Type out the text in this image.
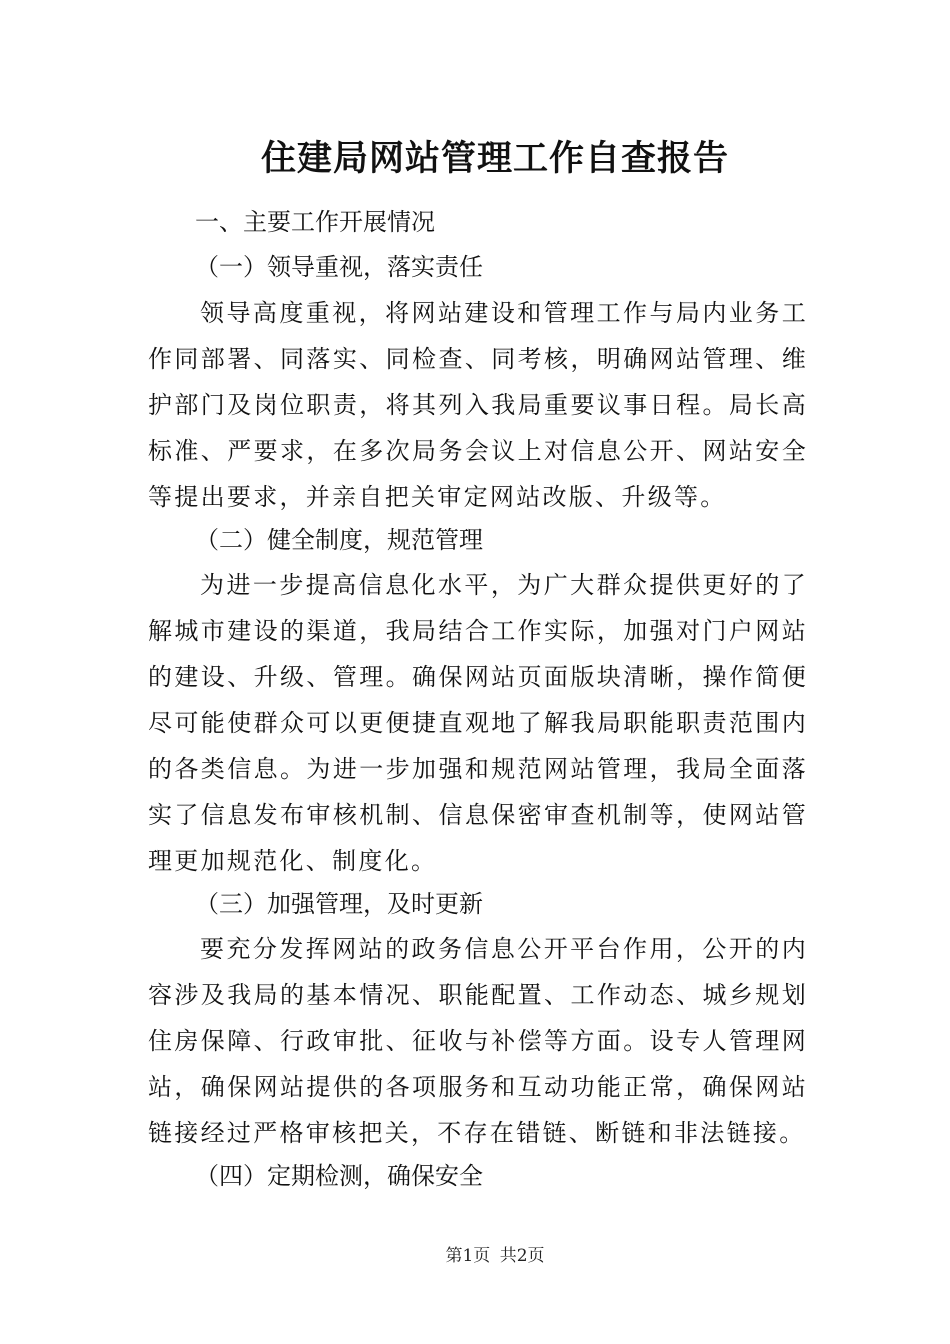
住建局网站管理工作自查报告
一、主要工作开展情况
（一）领导重视，落实责任

领导高度重视，将网站建设和管理工作与局内业务工作同部署、同落实、同检查、同考核，明确网站管理、维护部门及岗位职责，将其列入我局重要议事日程。局长高标准、严要求，在多次局务会议上对信息公开、网站安全等提出要求，并亲自把关审定网站改版、升级等。

（二）健全制度，规范管理

为进一步提高信息化水平，为广大群众提供更好的了解城市建设的渠道，我局结合工作实际，加强对门户网站的建设、升级、管理。确保网站页面版块清晰，操作简便尽可能使群众可以更便捷直观地了解我局职能职责范围内的各类信息。为进一步加强和规范网站管理，我局全面落实了信息发布审核机制、信息保密审查机制等，使网站管理更加规范化、制度化。

（三）加强管理，及时更新

要充分发挥网站的政务信息公开平台作用，公开的内容涉及我局的基本情况、职能配置、工作动态、城乡规划住房保障、行政审批、征收与补偿等方面。设专人管理网站，确保网站提供的各项服务和互动功能正常，确保网站链接经过严格审核把关，不存在错链、断链和非法链接。

（四）定期检测，确保安全
第1页 共2页
